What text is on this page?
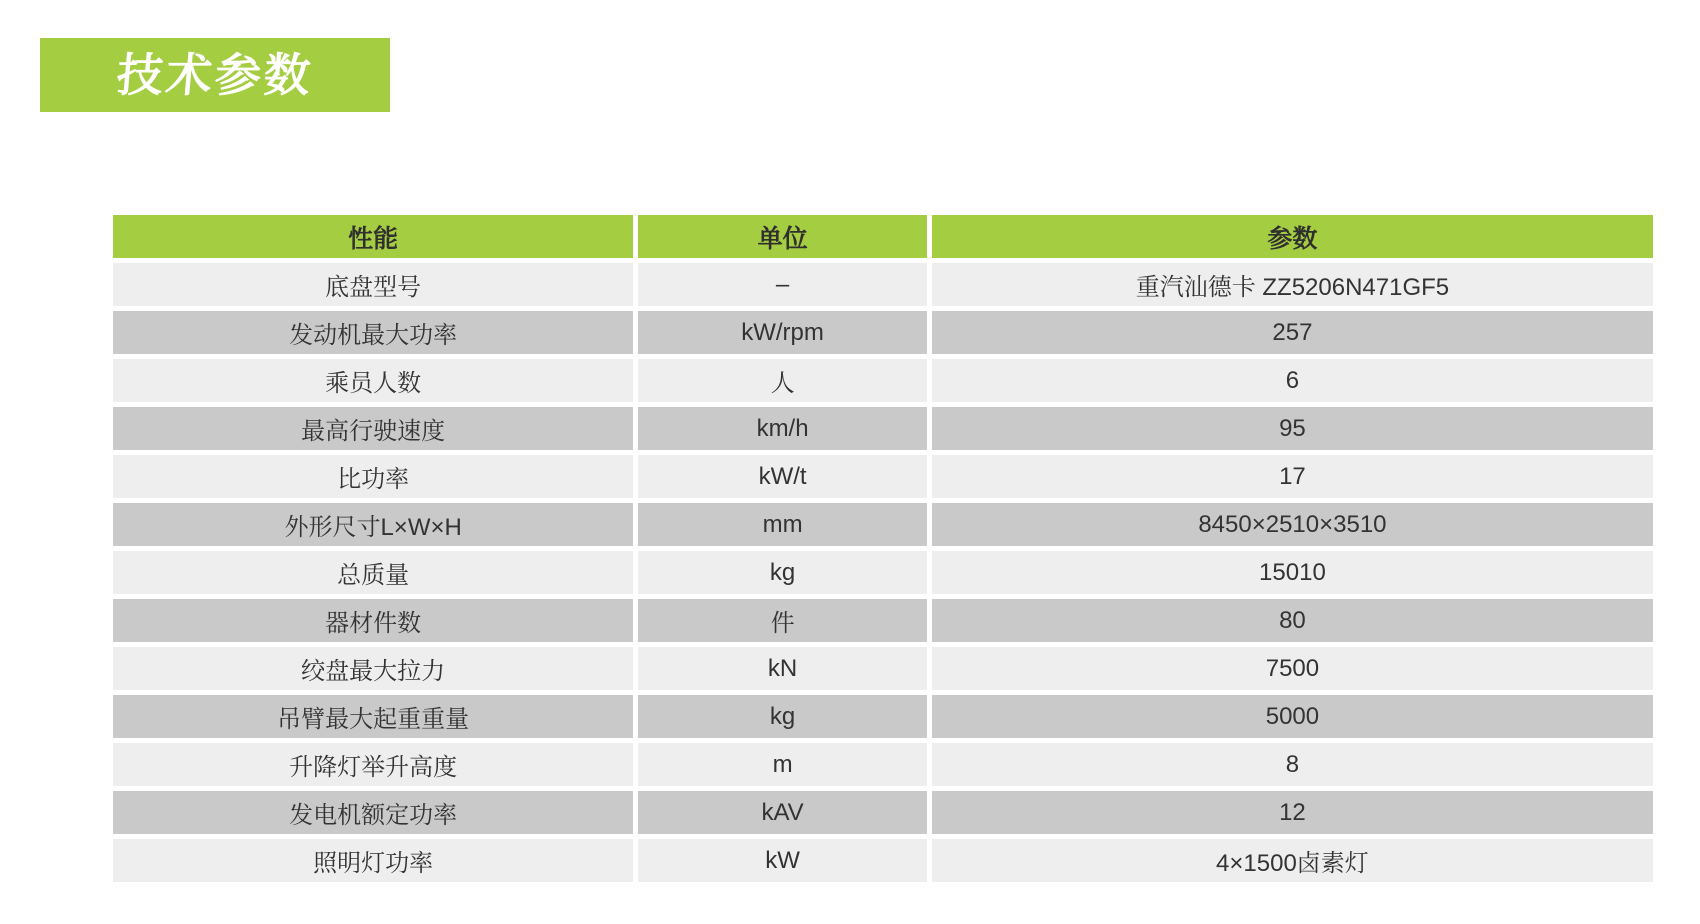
技术参数
性能	单位	参数
底盘型号	–	重汽汕德卡 ZZ5206N471GF5
发动机最大功率	kW/rpm	257
乘员人数	人	6
最高行驶速度	km/h	95
比功率	kW/t	17
外形尺寸L×W×H	mm	8450×2510×3510
总质量	kg	15010
器材件数	件	80
绞盘最大拉力	kN	7500
吊臂最大起重重量	kg	5000
升降灯举升高度	m	8
发电机额定功率	kAV	12
照明灯功率	kW	4×1500卤素灯
